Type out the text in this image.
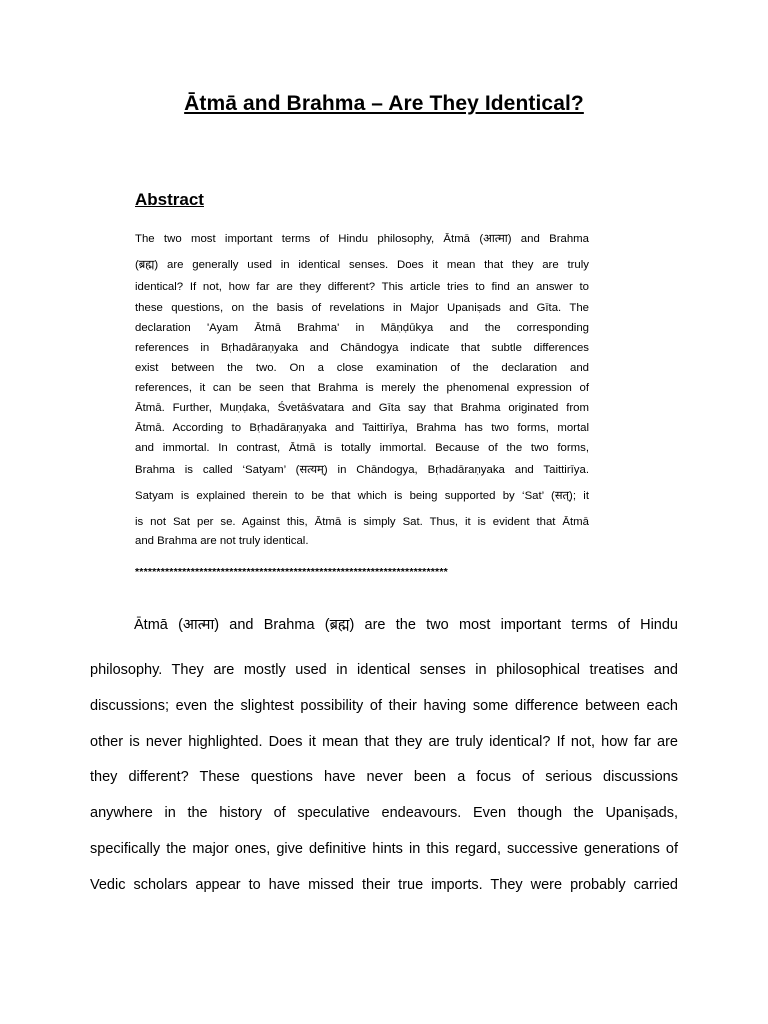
Ātmā and Brahma – Are They Identical?
Abstract
The two most important terms of Hindu philosophy, Ātmā (आत्मा) and Brahma
(ब्रह्म) are generally used in identical senses. Does it mean that they are truly
identical? If not, how far are they different? This article tries to find an answer to
these questions, on the basis of revelations in Major Upaniṣads and Gīta. The
declaration 'Ayam Ātmā Brahma' in Māṇḍūkya and the corresponding
references in Bṛhadāraṇyaka and Chāndogya indicate that subtle differences
exist between the two. On a close examination of the declaration and
references, it can be seen that Brahma is merely the phenomenal expression of
Ātmā. Further, Muṇḍaka, Śvetāśvatara and Gīta say that Brahma originated from
Ātmā. According to Bṛhadāraṇyaka and Taittirīya, Brahma has two forms, mortal
and immortal. In contrast, Ātmā is totally immortal. Because of the two forms,
Brahma is called ‘Satyam’ (सत्यम्) in Chāndogya, Bṛhadāraṇyaka and Taittirīya.
Satyam is explained therein to be that which is being supported by ‘Sat’ (सत्); it
is not Sat per se. Against this, Ātmā is simply Sat. Thus, it is evident that Ātmā
and Brahma are not truly identical.
*************************************************************************
Ātmā (आत्मा) and Brahma (ब्रह्म) are the two most important terms of Hindu
philosophy. They are mostly used in identical senses in philosophical treatises and
discussions; even the slightest possibility of their having some difference between each
other is never highlighted. Does it mean that they are truly identical? If not, how far are
they different? These questions have never been a focus of serious discussions
anywhere in the history of speculative endeavours. Even though the Upaniṣads,
specifically the major ones, give definitive hints in this regard, successive generations of
Vedic scholars appear to have missed their true imports. They were probably carried
